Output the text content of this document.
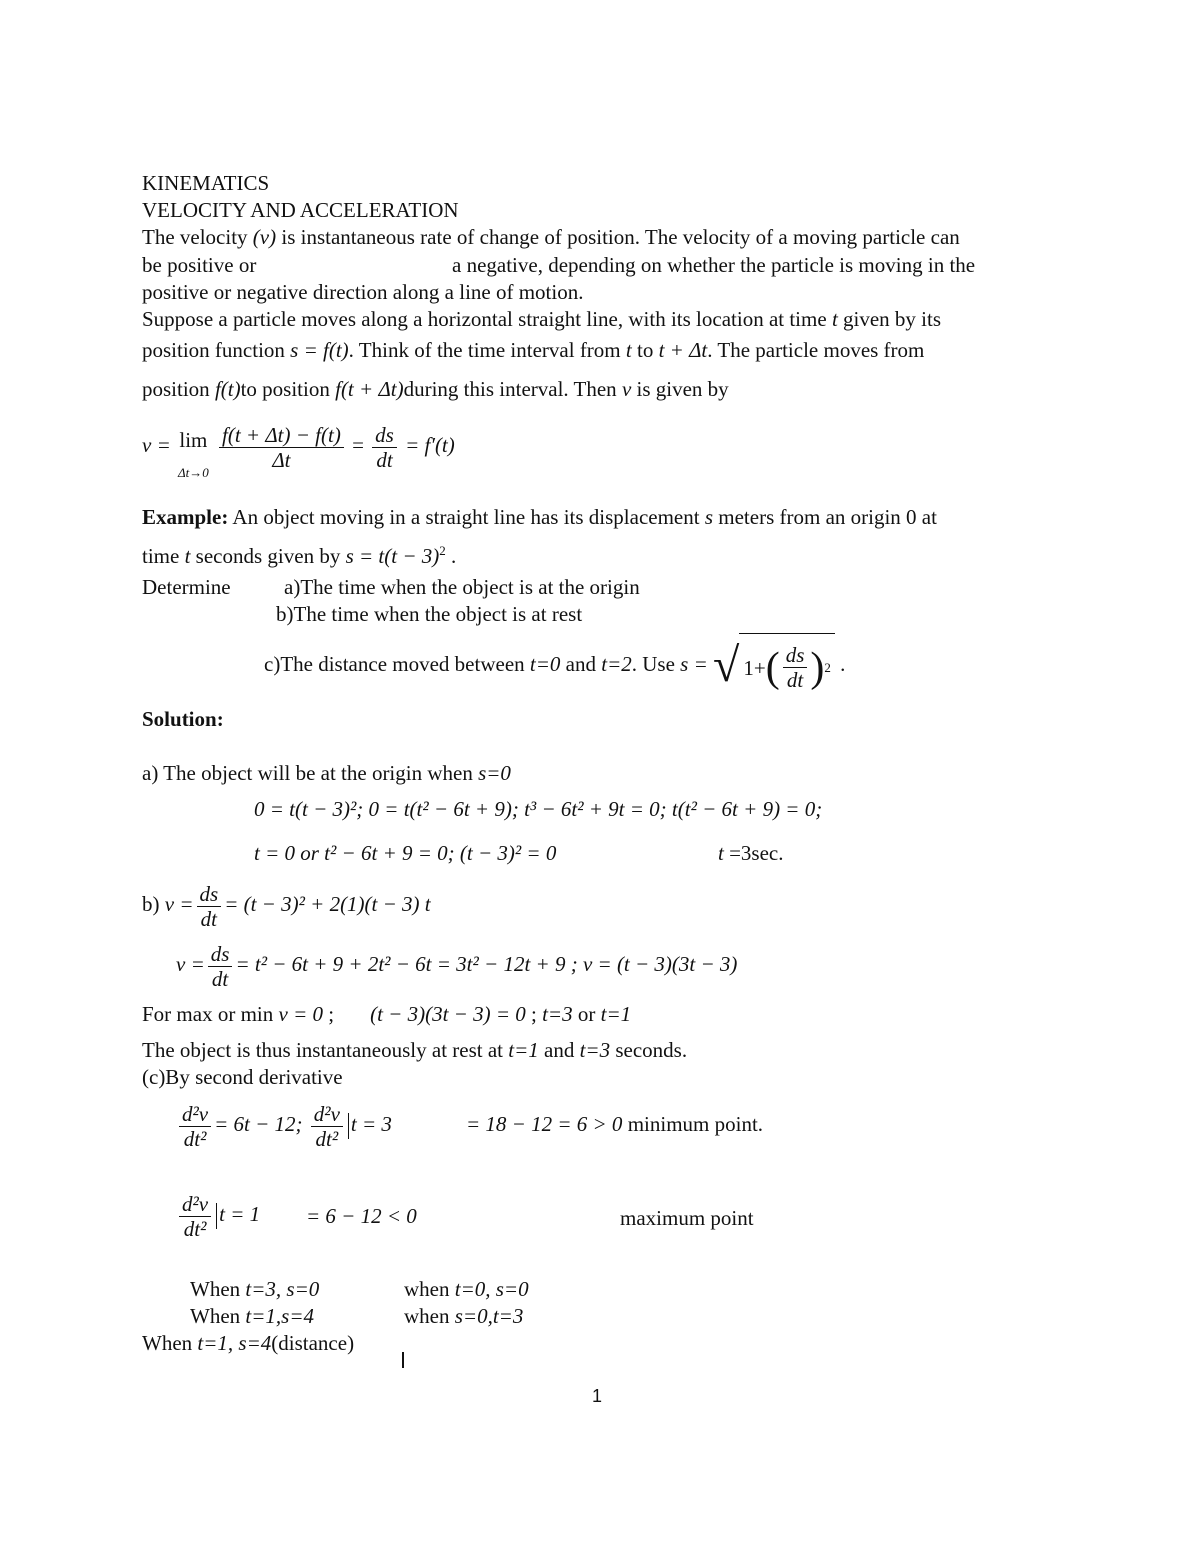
KINEMATICS
VELOCITY AND ACCELERATION
The velocity (v) is instantaneous rate of change of position. The velocity of a moving particle can
be positive or	a negative, depending on whether the particle is moving in the
positive or negative direction along a line of motion.
Suppose a particle moves along a horizontal straight line, with its location at time t given by its
position function s = f(t). Think of the time interval from t to t + Δt. The particle moves from
position f(t)to position f(t + Δt)during this interval. Then v is given by
v = lim
Δt→0

$\frac{f(t + \Delta t) - f(t)}{\Delta t} = \frac{ds}{dt} = f'(t)$
Example: An object moving in a straight line has its displacement s meters from an origin 0 at
time t seconds given by $s = t(t - 3)^2$ .
Determine	a)The time when the object is at the origin
b)The time when the object is at rest
c)The distance moved between t=0 and t=2. Use s = √ 1+ ( $\frac{ds}{dt}$ ) 2 .
Solution:
a) The object will be at the origin when s=0
0 = t(t − 3)²; 0 = t(t² − 6t + 9); t³ − 6t² + 9t = 0; t(t² − 6t + 9) = 0;
t = 0 or t² − 6t + 9 = 0; (t − 3)² = 0	t =3sec.
b) $v = \frac{ds}{dt} = (t - 3)^2 + 2(1)(t - 3)$ t
$v = \frac{ds}{dt} = t^2 - 6t + 9 + 2t^2 - 6t = 3t^2 - 12t + 9$ ; v = (t − 3)(3t − 3)
For max or min v = 0 ; (t − 3)(3t − 3) = 0 ; t=3 or t=1
The object is thus instantaneously at rest at t=1 and t=3 seconds.
(c)By second derivative
$\frac{\text{d²v}}{\text{dt²}} = 6t - 12$; $\frac{\text{d²v}}{\text{dt²}}$ t = 3	= 18 − 12 = 6 > 0 minimum point.
$\frac{\text{d²v}}{\text{dt²}}$ t = 1 = 6 − 12 < 0	maximum point
When t=3, s=0	when t=0, s=0
When t=1,s=4	when s=0,t=3
When t=1, s=4(distance)
1
